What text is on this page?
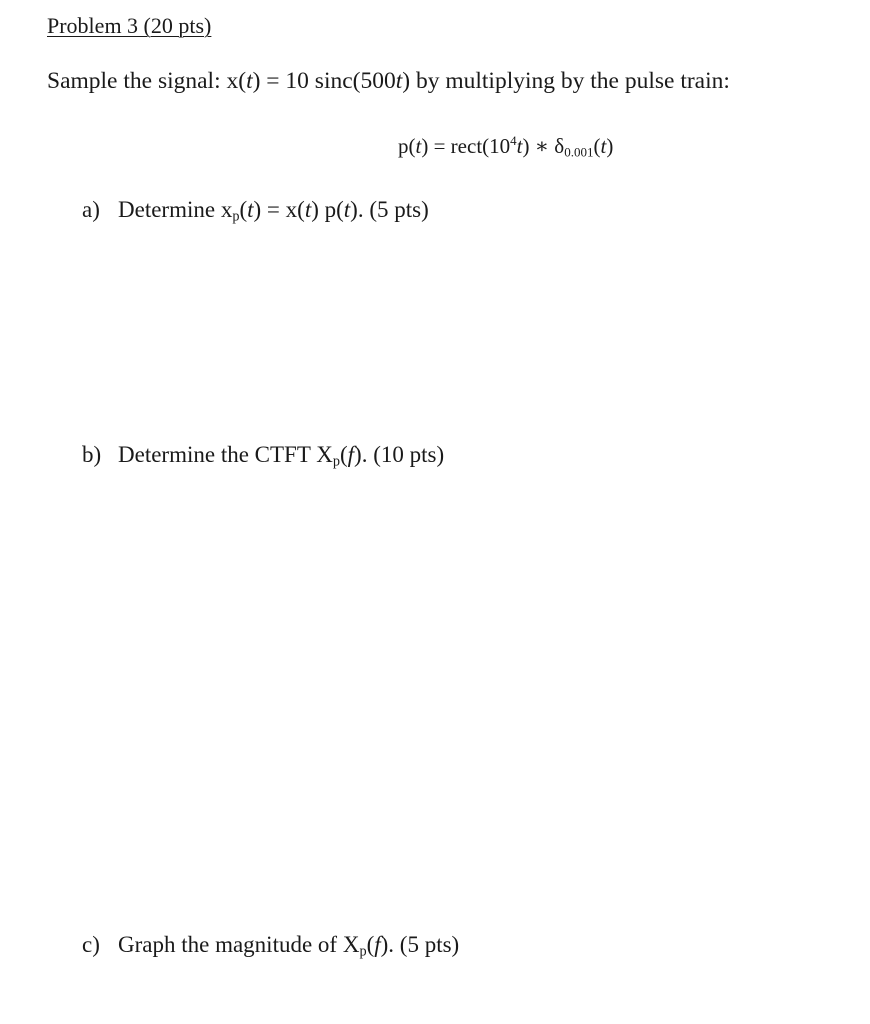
Problem 3 (20 pts)
Sample the signal: x(t) = 10 sinc(500t) by multiplying by the pulse train:
$p(t) = rect(10^4t)$ ∗ $\delta_{0.001}(t)$
a) Determine $x_p(t) = x(t)$ p(t). (5 pts)
b) Determine the CTFT $X_p(f)$. (10 pts)
c) Graph the magnitude of $X_p(f)$. (5 pts)
